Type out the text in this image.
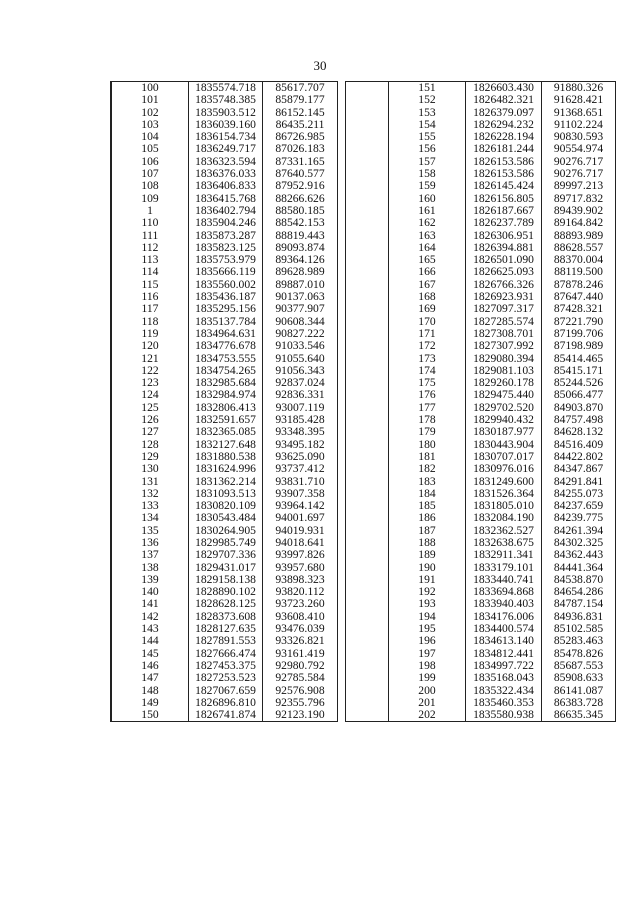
30
	100	1835574.718	85617.707
	101	1835748.385	85879.177
	102	1835903.512	86152.145
	103	1836039.160	86435.211
	104	1836154.734	86726.985
	105	1836249.717	87026.183
	106	1836323.594	87331.165
	107	1836376.033	87640.577
	108	1836406.833	87952.916
	109	1836415.768	88266.626
	1	1836402.794	88580.185
	110	1835904.246	88542.153
	111	1835873.287	88819.443
	112	1835823.125	89093.874
	113	1835753.979	89364.126
	114	1835666.119	89628.989
	115	1835560.002	89887.010
	116	1835436.187	90137.063
	117	1835295.156	90377.907
	118	1835137.784	90608.344
	119	1834964.631	90827.222
	120	1834776.678	91033.546
	121	1834753.555	91055.640
	122	1834754.265	91056.343
	123	1832985.684	92837.024
	124	1832984.974	92836.331
	125	1832806.413	93007.119
	126	1832591.657	93185.428
	127	1832365.085	93348.395
	128	1832127.648	93495.182
	129	1831880.538	93625.090
	130	1831624.996	93737.412
	131	1831362.214	93831.710
	132	1831093.513	93907.358
	133	1830820.109	93964.142
	134	1830543.484	94001.697
	135	1830264.905	94019.931
	136	1829985.749	94018.641
	137	1829707.336	93997.826
	138	1829431.017	93957.680
	139	1829158.138	93898.323
	140	1828890.102	93820.112
	141	1828628.125	93723.260
	142	1828373.608	93608.410
	143	1828127.635	93476.039
	144	1827891.553	93326.821
	145	1827666.474	93161.419
	146	1827453.375	92980.792
	147	1827253.523	92785.584
	148	1827067.659	92576.908
	149	1826896.810	92355.796
	150	1826741.874	92123.190
	151	1826603.430	91880.326
	152	1826482.321	91628.421
	153	1826379.097	91368.651
	154	1826294.232	91102.224
	155	1826228.194	90830.593
	156	1826181.244	90554.974
	157	1826153.586	90276.717
	158	1826153.586	90276.717
	159	1826145.424	89997.213
	160	1826156.805	89717.832
	161	1826187.667	89439.902
	162	1826237.789	89164.842
	163	1826306.951	88893.989
	164	1826394.881	88628.557
	165	1826501.090	88370.004
	166	1826625.093	88119.500
	167	1826766.326	87878.246
	168	1826923.931	87647.440
	169	1827097.317	87428.321
	170	1827285.574	87221.790
	171	1827308.701	87199.706
	172	1827307.992	87198.989
	173	1829080.394	85414.465
	174	1829081.103	85415.171
	175	1829260.178	85244.526
	176	1829475.440	85066.477
	177	1829702.520	84903.870
	178	1829940.432	84757.498
	179	1830187.977	84628.132
	180	1830443.904	84516.409
	181	1830707.017	84422.802
	182	1830976.016	84347.867
	183	1831249.600	84291.841
	184	1831526.364	84255.073
	185	1831805.010	84237.659
	186	1832084.190	84239.775
	187	1832362.527	84261.394
	188	1832638.675	84302.325
	189	1832911.341	84362.443
	190	1833179.101	84441.364
	191	1833440.741	84538.870
	192	1833694.868	84654.286
	193	1833940.403	84787.154
	194	1834176.006	84936.831
	195	1834400.574	85102.585
	196	1834613.140	85283.463
	197	1834812.441	85478.826
	198	1834997.722	85687.553
	199	1835168.043	85908.633
	200	1835322.434	86141.087
	201	1835460.353	86383.728
	202	1835580.938	86635.345
